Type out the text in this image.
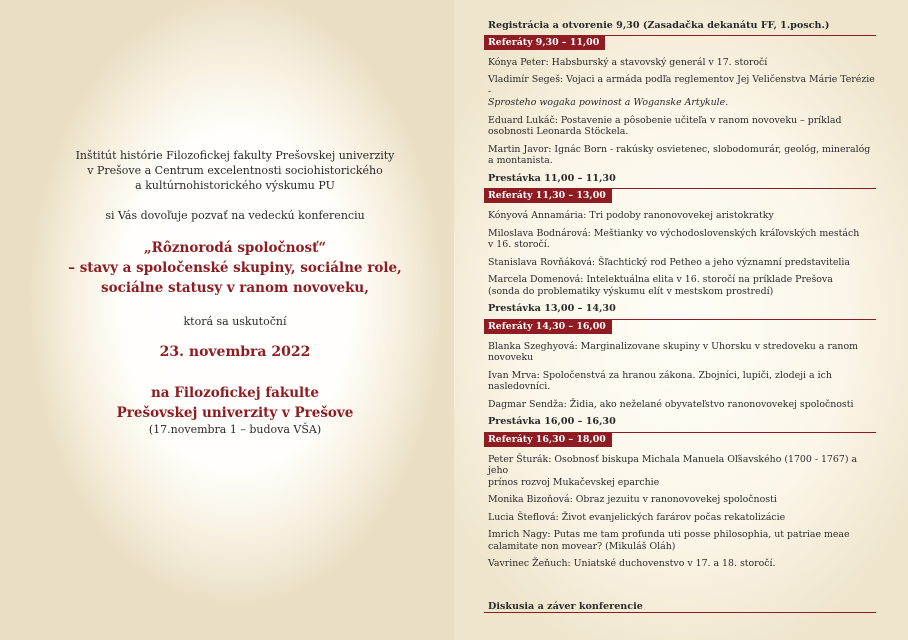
Inštitút histórie Filozofickej fakulty Prešovskej univerzity
v Prešove a Centrum excelentnosti sociohistorického
a kultúrnohistorického výskumu PU

si Vás dovoľuje pozvať na vedeckú konferenciu

„Rôznorodá spoločnosť“
– stavy a spoločenské skupiny, sociálne role,
sociálne statusy v ranom novoveku,

ktorá sa uskutoční

23. novembra 2022

na Filozofickej fakulte
Prešovskej univerzity v Prešove

(17.novembra 1 – budova VŠA)

Registrácia a otvorenie 9,30 (Zasadačka dekanátu FF, 1.posch.)
Referáty 9,30 – 11,00
Kónya Peter: Habsburský a stavovský generál v 17. storočí
Vladimír Segeš: Vojaci a armáda podľa reglementov Jej Veličenstva Márie Terézie -
Sprosteho wogaka powinost a Woganske Artykule.
Eduard Lukáč: Postavenie a pôsobenie učiteľa v ranom novoveku – príklad
osobnosti Leonarda Stöckela.
Martin Javor: Ignác Born - rakúsky osvietenec, slobodomurár, geológ, mineralóg
a montanista.
Prestávka 11,00 – 11,30
Referáty 11,30 – 13,00
Kónyová Annamária: Tri podoby ranonovovekej aristokratky
Miloslava Bodnárová: Meštianky vo východoslovenských kráľovských mestách
v 16. storočí.
Stanislava Rovňáková: Šľachtický rod Petheo a jeho významní predstavitelia
Marcela Domenová: Intelektuálna elita v 16. storočí na príklade Prešova
(sonda do problematiky výskumu elít v mestskom prostredí)
Prestávka 13,00 – 14,30
Referáty 14,30 – 16,00
Blanka Szeghyová: Marginalizovane skupiny v Uhorsku v stredoveku a ranom
novoveku
Ivan Mrva: Spoločenstvá za hranou zákona. Zbojníci, lupiči, zlodeji a ich
nasledovníci.
Dagmar Sendža: Židia, ako neželané obyvateľstvo ranonovovekej spoločnosti
Prestávka 16,00 – 16,30
Referáty 16,30 – 18,00
Peter Šturák: Osobnosť biskupa Michala Manuela Oľšavského (1700 - 1767) a jeho
prínos rozvoj Mukačevskej eparchie
Monika Bizoňová: Obraz jezuitu v ranonovovekej spoločnosti
Lucia Šteflová: Život evanjelických farárov počas rekatolizácie
Imrich Nagy: Putas me tam profunda uti posse philosophia, ut patriae meae
calamitate non movear? (Mikuláš Oláh)
Vavrinec Žeňuch: Uniatské duchovenstvo v 17. a 18. storočí.
Diskusia a záver konferencie
